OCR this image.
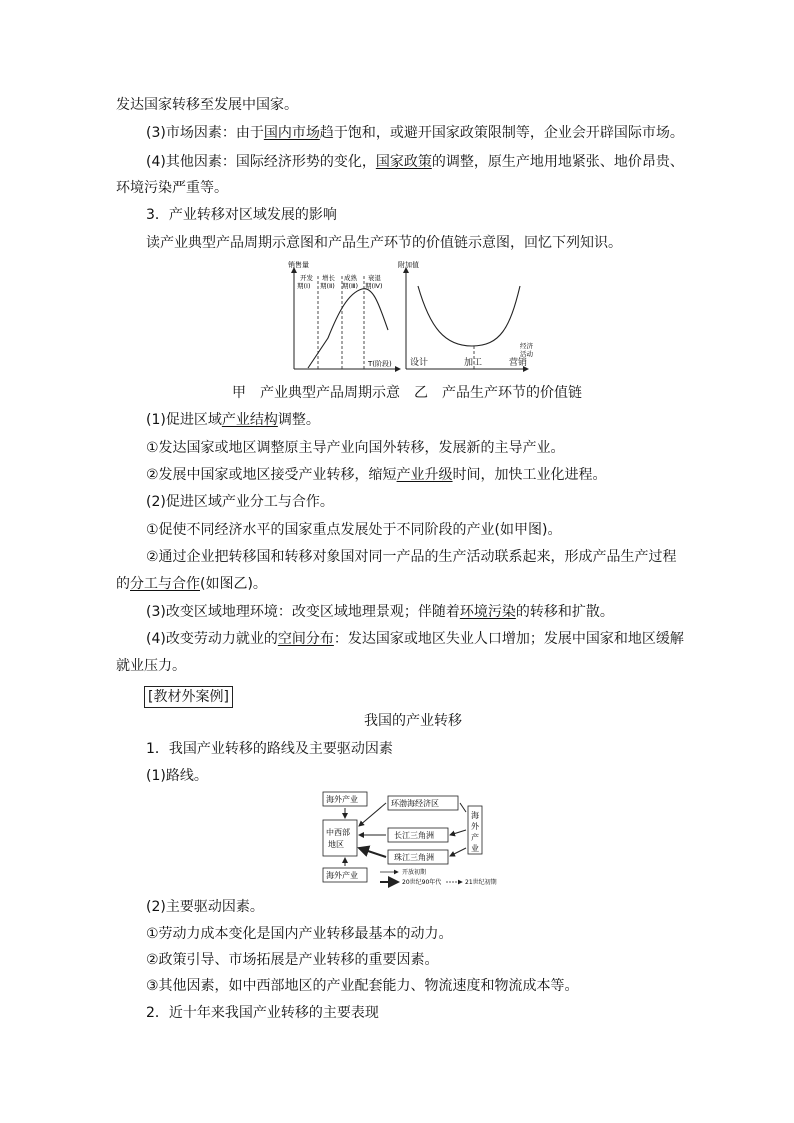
发达国家转移至发展中国家。
(3)市场因素：由于国内市场趋于饱和，或避开国家政策限制等，企业会开辟国际市场。
(4)其他因素：国际经济形势的变化，国家政策的调整，原生产地用地紧张、地价昂贵、
环境污染严重等。
3．产业转移对区域发展的影响
读产业典型产品周期示意图和产品生产环节的价值链示意图，回忆下列知识。
销售量
T(阶段)
开发
期(Ⅰ)
增长
期(Ⅱ)
成熟
期(Ⅲ)
衰退
期(Ⅳ)
附加值
经济
活动
设计	加工	营销
甲　产业典型产品周期示意　乙　产品生产环节的价值链
(1)促进区域产业结构调整。
①发达国家或地区调整原主导产业向国外转移，发展新的主导产业。
②发展中国家或地区接受产业转移，缩短产业升级时间，加快工业化进程。
(2)促进区域产业分工与合作。
①促使不同经济水平的国家重点发展处于不同阶段的产业(如甲图)。
②通过企业把转移国和转移对象国对同一产品的生产活动联系起来，形成产品生产过程
的分工与合作(如图乙)。
(3)改变区域地理环境：改变区域地理景观；伴随着环境污染的转移和扩散。
(4)改变劳动力就业的空间分布：发达国家或地区失业人口增加；发展中国家和地区缓解
就业压力。
[教材外案例]
我国的产业转移
1．我国产业转移的路线及主要驱动因素
(1)路线。
海外产业
中西部
地区
海外产业
环渤海经济区
长江三角洲
珠江三角洲
海
外
产
业
开放初期
20世纪90年代	21世纪初期
(2)主要驱动因素。
①劳动力成本变化是国内产业转移最基本的动力。
②政策引导、市场拓展是产业转移的重要因素。
③其他因素，如中西部地区的产业配套能力、物流速度和物流成本等。
2．近十年来我国产业转移的主要表现
